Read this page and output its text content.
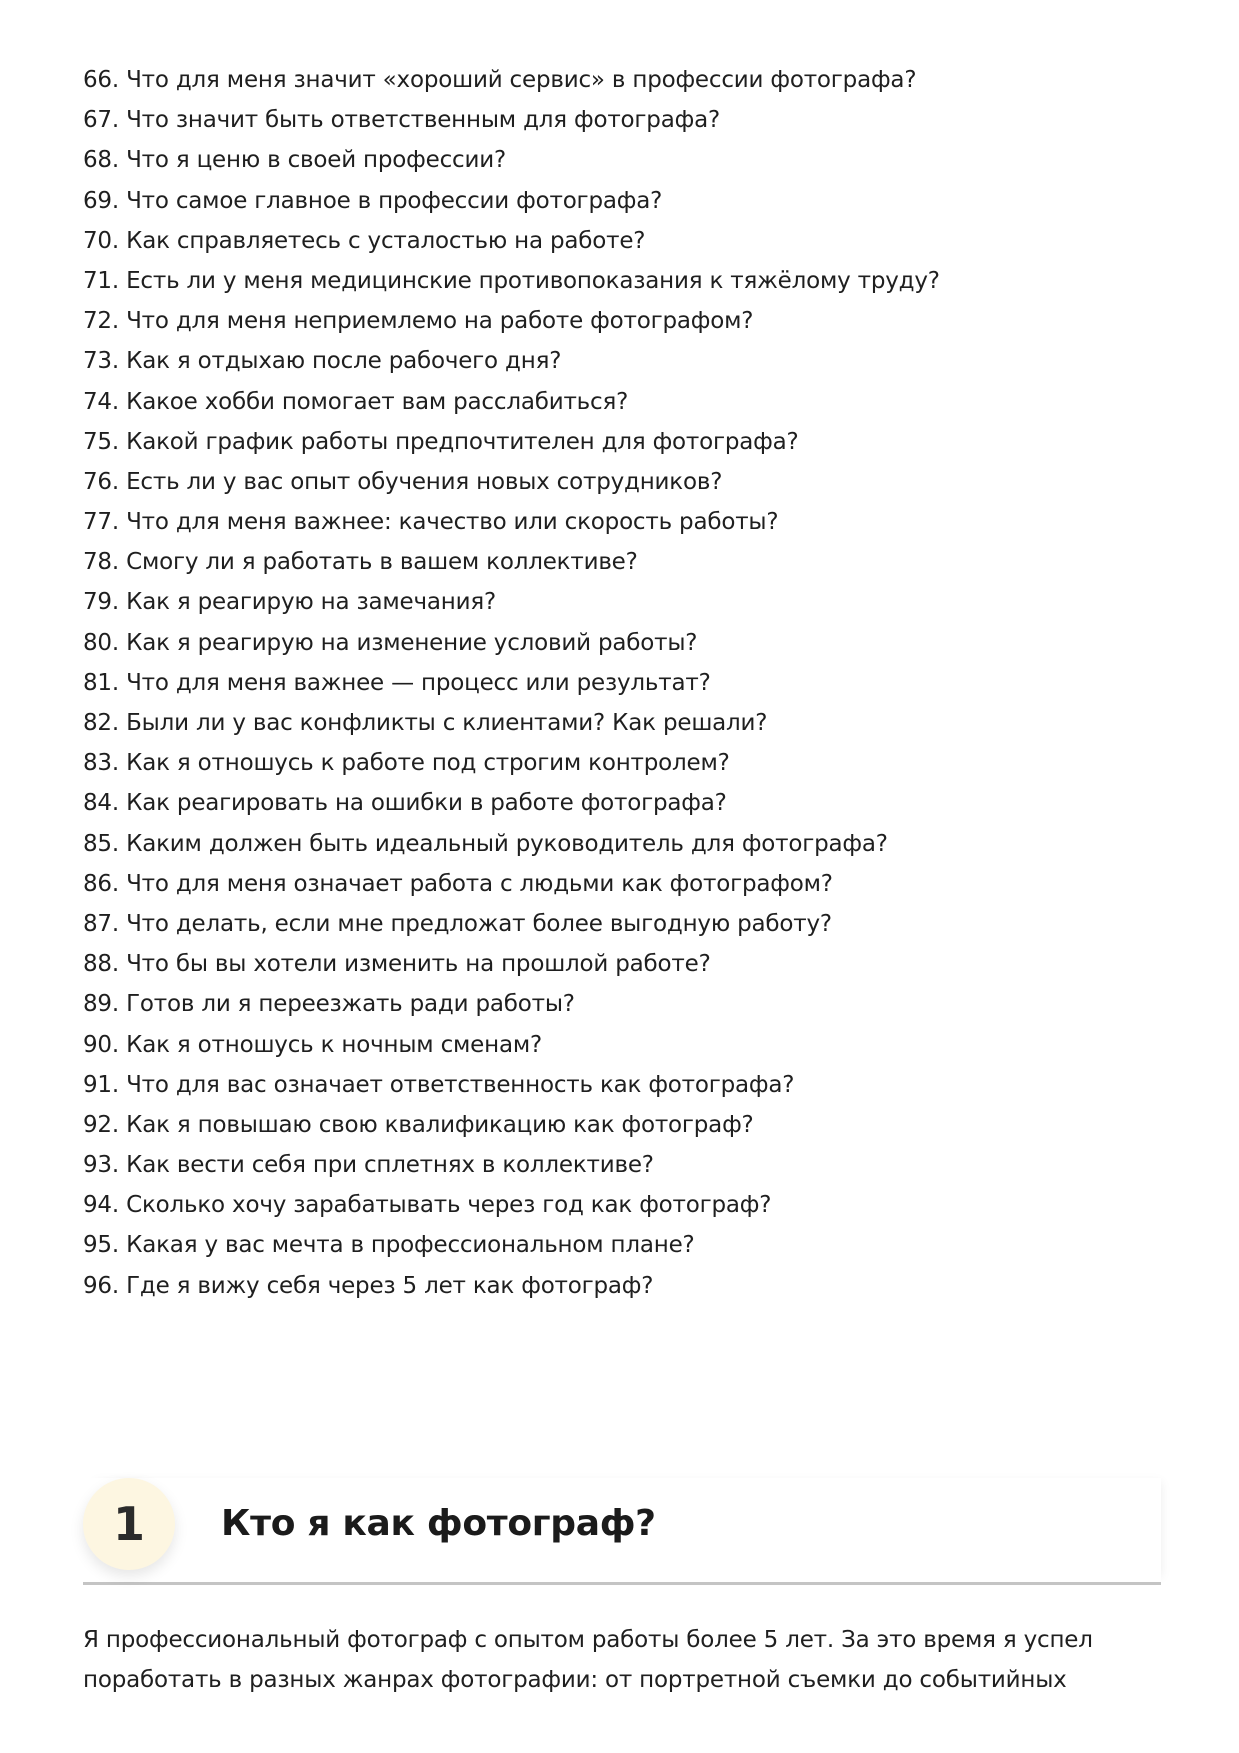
66. Что для меня значит «хороший сервис» в профессии фотографа?
67. Что значит быть ответственным для фотографа?
68. Что я ценю в своей профессии?
69. Что самое главное в профессии фотографа?
70. Как справляетесь с усталостью на работе?
71. Есть ли у меня медицинские противопоказания к тяжёлому труду?
72. Что для меня неприемлемо на работе фотографом?
73. Как я отдыхаю после рабочего дня?
74. Какое хобби помогает вам расслабиться?
75. Какой график работы предпочтителен для фотографа?
76. Есть ли у вас опыт обучения новых сотрудников?
77. Что для меня важнее: качество или скорость работы?
78. Смогу ли я работать в вашем коллективе?
79. Как я реагирую на замечания?
80. Как я реагирую на изменение условий работы?
81. Что для меня важнее — процесс или результат?
82. Были ли у вас конфликты с клиентами? Как решали?
83. Как я отношусь к работе под строгим контролем?
84. Как реагировать на ошибки в работе фотографа?
85. Каким должен быть идеальный руководитель для фотографа?
86. Что для меня означает работа с людьми как фотографом?
87. Что делать, если мне предложат более выгодную работу?
88. Что бы вы хотели изменить на прошлой работе?
89. Готов ли я переезжать ради работы?
90. Как я отношусь к ночным сменам?
91. Что для вас означает ответственность как фотографа?
92. Как я повышаю свою квалификацию как фотограф?
93. Как вести себя при сплетнях в коллективе?
94. Сколько хочу зарабатывать через год как фотограф?
95. Какая у вас мечта в профессиональном плане?
96. Где я вижу себя через 5 лет как фотограф?
1	Кто я как фотограф?

Я профессиональный фотограф с опытом работы более 5 лет. За это время я успел поработать в разных жанрах фотографии: от портретной съемки до событийных
